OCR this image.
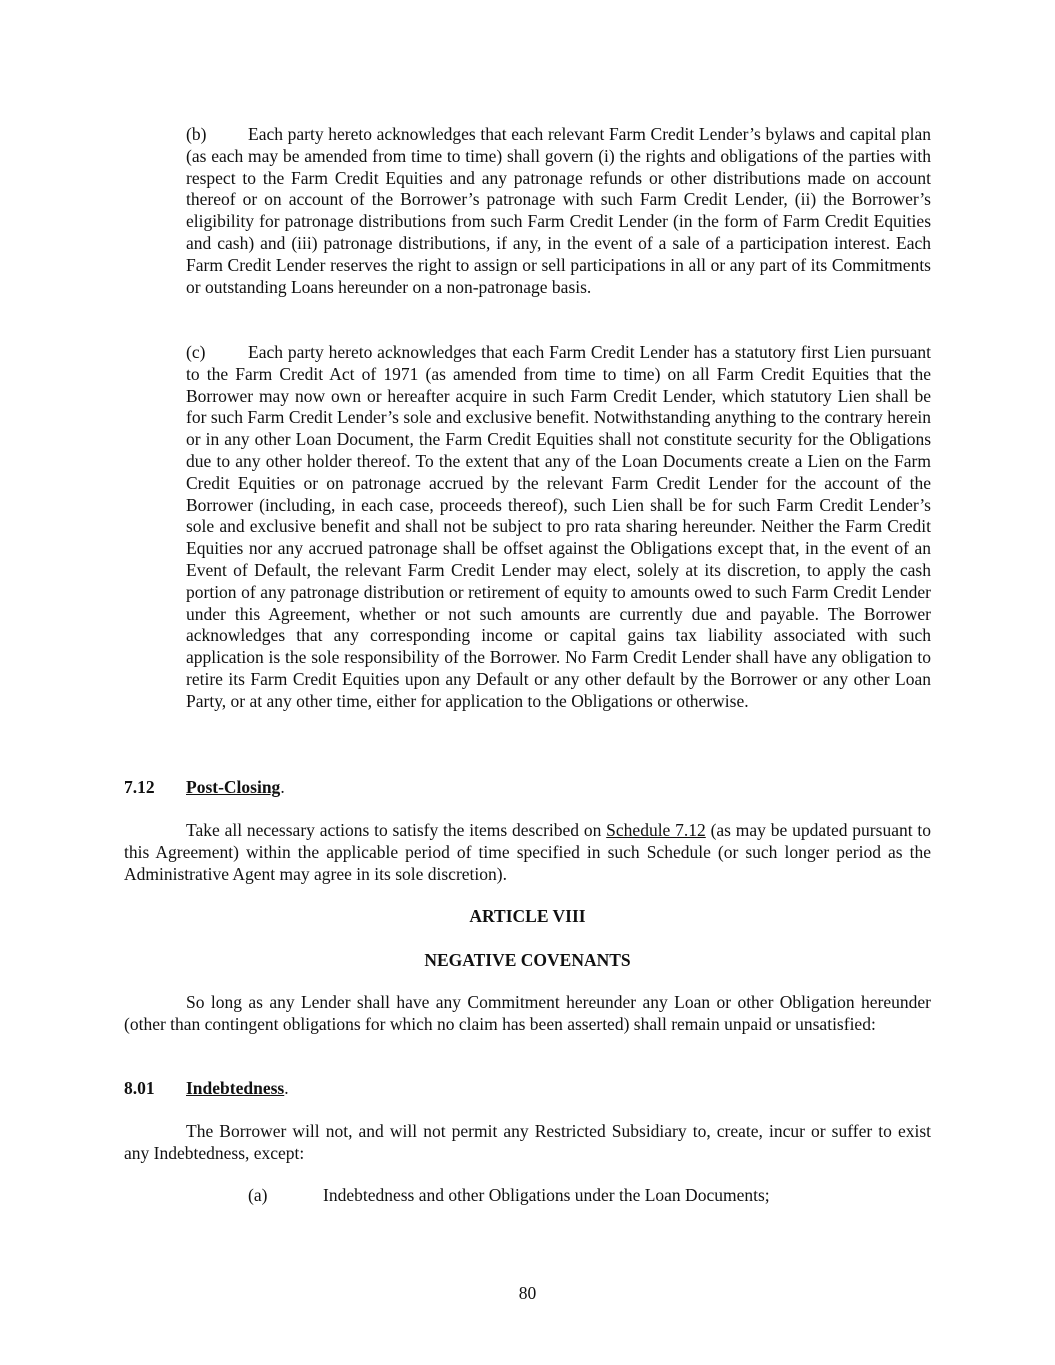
(b) Each party hereto acknowledges that each relevant Farm Credit Lender’s bylaws and capital plan (as each may be amended from time to time) shall govern (i) the rights and obligations of the parties with respect to the Farm Credit Equities and any patronage refunds or other distributions made on account thereof or on account of the Borrower’s patronage with such Farm Credit Lender, (ii) the Borrower’s eligibility for patronage distributions from such Farm Credit Lender (in the form of Farm Credit Equities and cash) and (iii) patronage distributions, if any, in the event of a sale of a participation interest. Each Farm Credit Lender reserves the right to assign or sell participations in all or any part of its Commitments or outstanding Loans hereunder on a non-patronage basis.
(c) Each party hereto acknowledges that each Farm Credit Lender has a statutory first Lien pursuant to the Farm Credit Act of 1971 (as amended from time to time) on all Farm Credit Equities that the Borrower may now own or hereafter acquire in such Farm Credit Lender, which statutory Lien shall be for such Farm Credit Lender’s sole and exclusive benefit. Notwithstanding anything to the contrary herein or in any other Loan Document, the Farm Credit Equities shall not constitute security for the Obligations due to any other holder thereof. To the extent that any of the Loan Documents create a Lien on the Farm Credit Equities or on patronage accrued by the relevant Farm Credit Lender for the account of the Borrower (including, in each case, proceeds thereof), such Lien shall be for such Farm Credit Lender’s sole and exclusive benefit and shall not be subject to pro rata sharing hereunder. Neither the Farm Credit Equities nor any accrued patronage shall be offset against the Obligations except that, in the event of an Event of Default, the relevant Farm Credit Lender may elect, solely at its discretion, to apply the cash portion of any patronage distribution or retirement of equity to amounts owed to such Farm Credit Lender under this Agreement, whether or not such amounts are currently due and payable. The Borrower acknowledges that any corresponding income or capital gains tax liability associated with such application is the sole responsibility of the Borrower. No Farm Credit Lender shall have any obligation to retire its Farm Credit Equities upon any Default or any other default by the Borrower or any other Loan Party, or at any other time, either for application to the Obligations or otherwise.
7.12 Post-Closing.
Take all necessary actions to satisfy the items described on Schedule 7.12 (as may be updated pursuant to this Agreement) within the applicable period of time specified in such Schedule (or such longer period as the Administrative Agent may agree in its sole discretion).
ARTICLE VIII
NEGATIVE COVENANTS
So long as any Lender shall have any Commitment hereunder any Loan or other Obligation hereunder (other than contingent obligations for which no claim has been asserted) shall remain unpaid or unsatisfied:
8.01 Indebtedness.
The Borrower will not, and will not permit any Restricted Subsidiary to, create, incur or suffer to exist any Indebtedness, except:
(a)	Indebtedness and other Obligations under the Loan Documents;
80
